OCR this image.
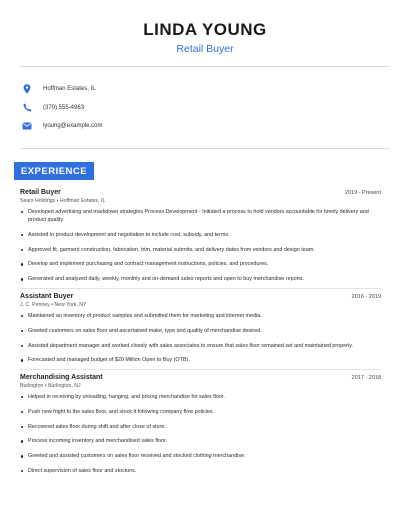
LINDA YOUNG
Retail Buyer
Hoffman Estates, IL
(370) 555-4963
lyoung@example.com
EXPERIENCE
Retail Buyer	2019 - Present
Sears Holdings • Hoffman Estates, IL
Developed advertising and markdown strategies Process Development - Initiated a process to hold vendors accountable for timely delivery and product quality.
Assisted in product development and negotiation to include cost, subsidy, and terms.
Approved fit, garment construction, fabrication, trim, material submits, and delivery dates from vendors and design team.
Develop and implement purchasing and contract management instructions, policies, and procedures.
Generated and analyzed daily, weekly, monthly and on-demand sales reports and open to buy merchandise reports.
Assistant Buyer	2016 - 2019
J. C. Penney • New York, NY
Maintained an inventory of product samples and submitted them for marketing and internet media.
Greeted customers on sales floor and ascertained make, type and quality of merchandise desired.
Assisted department manager and worked closely with sales associates to ensure that sales floor remained set and maintained properly.
Forecasted and managed budget of $20 Million Open to Buy (OTB).
Merchandising Assistant	2017 - 2018
Burlington • Burlington, NJ
Helped in receiving by unloading, hanging, and pricing merchandise for sales floor.
Push new fright to the sales floor, and stock it following company flow policies.
Recovered sales floor during shift and after close of store.
Process incoming inventory and merchandised sales floor.
Greeted and assisted customers on sales floor received and stocked clothing merchandise.
Direct supervision of sales floor and stockers.
